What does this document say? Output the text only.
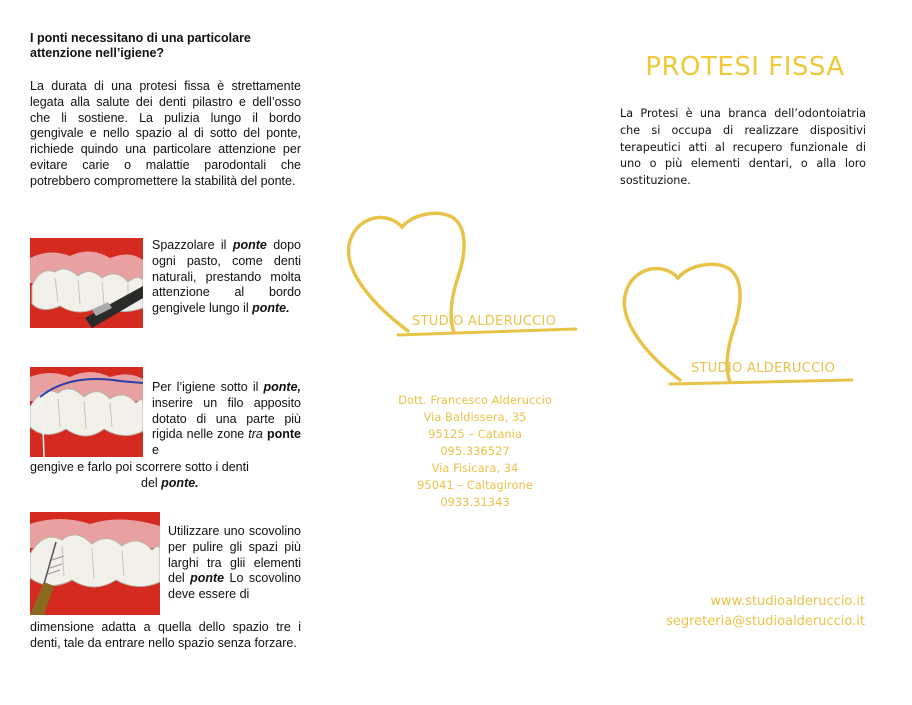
I ponti necessitano di una particolare attenzione nell’igiene?
La durata di una protesi fissa è strettamente legata alla salute dei denti pilastro e dell’osso che li sostiene. La pulizia lungo il bordo gengivale e nello spazio al di sotto del ponte, richiede quindo una particolare attenzione per evitare carie o malattie parodontali che potrebbero compromettere la stabilità del ponte.
Spazzolare il ponte dopo ogni pasto, come denti naturali, prestando molta attenzione al bordo gengivele lungo il ponte.
Per l’igiene sotto il ponte, inserire un filo apposito dotato di una parte più rigida nelle zone tra ponte e
gengive e farlo poi scorrere sotto i denti
del ponte.
Utilizzare uno scovolino per pulire gli spazi più larghi tra glii elementi del ponte Lo scovolino deve essere di
dimensione adatta a quella dello spazio tre i denti, tale da entrare nello spazio senza forzare.
STUDIO ALDERUCCIO
Dott. Francesco Alderuccio
Via Baldissera, 35
95125 – Catania
095.336527
Via Fisicara, 34
95041 – Caltagirone
0933.31343
PROTESI FISSA
La Protesi è una branca dell’odontoiatria che si occupa di realizzare dispositivi terapeutici atti al recupero funzionale di uno o più elementi dentari, o alla loro sostituzione.
STUDIO ALDERUCCIO
www.studioalderuccio.it
segreteria@studioalderuccio.it
